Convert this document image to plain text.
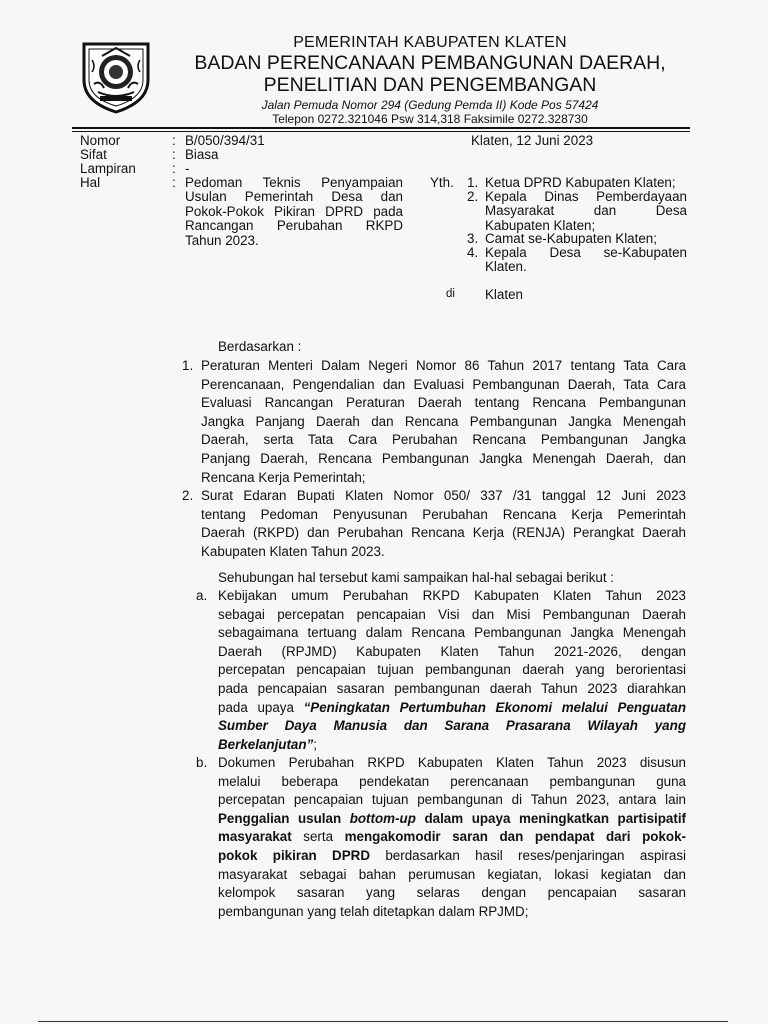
PEMERINTAH KABUPATEN KLATEN
BADAN PERENCANAAN PEMBANGUNAN DAERAH,
PENELITIAN DAN PENGEMBANGAN
Jalan Pemuda Nomor 294 (Gedung Pemda II) Kode Pos 57424
Telepon 0272.321046 Psw 314,318 Faksimile 0272.328730
Nomor	: B/050/394/31
Sifat	: Biasa
Lampiran	: -
Hal	: Pedoman Teknis Penyampaian
Usulan Pemerintah Desa dan
Pokok-Pokok Pikiran DPRD pada
Rancangan Perubahan RKPD
Tahun 2023.
Klaten, 12 Juni 2023
Yth. 1. Ketua DPRD Kabupaten Klaten;
2. Kepala Dinas Pemberdayaan
Masyarakat dan Desa
Kabupaten Klaten;
3. Camat se-Kabupaten Klaten;
4. Kepala Desa se-Kabupaten
Klaten.
di Klaten
Berdasarkan :
1. Peraturan Menteri Dalam Negeri Nomor 86 Tahun 2017 tentang Tata Cara
Perencanaan, Pengendalian dan Evaluasi Pembangunan Daerah, Tata Cara
Evaluasi Rancangan Peraturan Daerah tentang Rencana Pembangunan
Jangka Panjang Daerah dan Rencana Pembangunan Jangka Menengah
Daerah, serta Tata Cara Perubahan Rencana Pembangunan Jangka
Panjang Daerah, Rencana Pembangunan Jangka Menengah Daerah, dan
Rencana Kerja Pemerintah;
2. Surat Edaran Bupati Klaten Nomor 050/ 337 /31 tanggal 12 Juni 2023
tentang Pedoman Penyusunan Perubahan Rencana Kerja Pemerintah
Daerah (RKPD) dan Perubahan Rencana Kerja (RENJA) Perangkat Daerah
Kabupaten Klaten Tahun 2023.
Sehubungan hal tersebut kami sampaikan hal-hal sebagai berikut :
a. Kebijakan umum Perubahan RKPD Kabupaten Klaten Tahun 2023
sebagai percepatan pencapaian Visi dan Misi Pembangunan Daerah
sebagaimana tertuang dalam Rencana Pembangunan Jangka Menengah
Daerah (RPJMD) Kabupaten Klaten Tahun 2021-2026, dengan
percepatan pencapaian tujuan pembangunan daerah yang berorientasi
pada pencapaian sasaran pembangunan daerah Tahun 2023 diarahkan
pada upaya “Peningkatan Pertumbuhan Ekonomi melalui Penguatan
Sumber Daya Manusia dan Sarana Prasarana Wilayah yang
Berkelanjutan”;
b. Dokumen Perubahan RKPD Kabupaten Klaten Tahun 2023 disusun
melalui beberapa pendekatan perencanaan pembangunan guna
percepatan pencapaian tujuan pembangunan di Tahun 2023, antara lain
Penggalian usulan bottom-up dalam upaya meningkatkan partisipatif
masyarakat serta mengakomodir saran dan pendapat dari pokok-
pokok pikiran DPRD berdasarkan hasil reses/penjaringan aspirasi
masyarakat sebagai bahan perumusan kegiatan, lokasi kegiatan dan
kelompok sasaran yang selaras dengan pencapaian sasaran
pembangunan yang telah ditetapkan dalam RPJMD;
